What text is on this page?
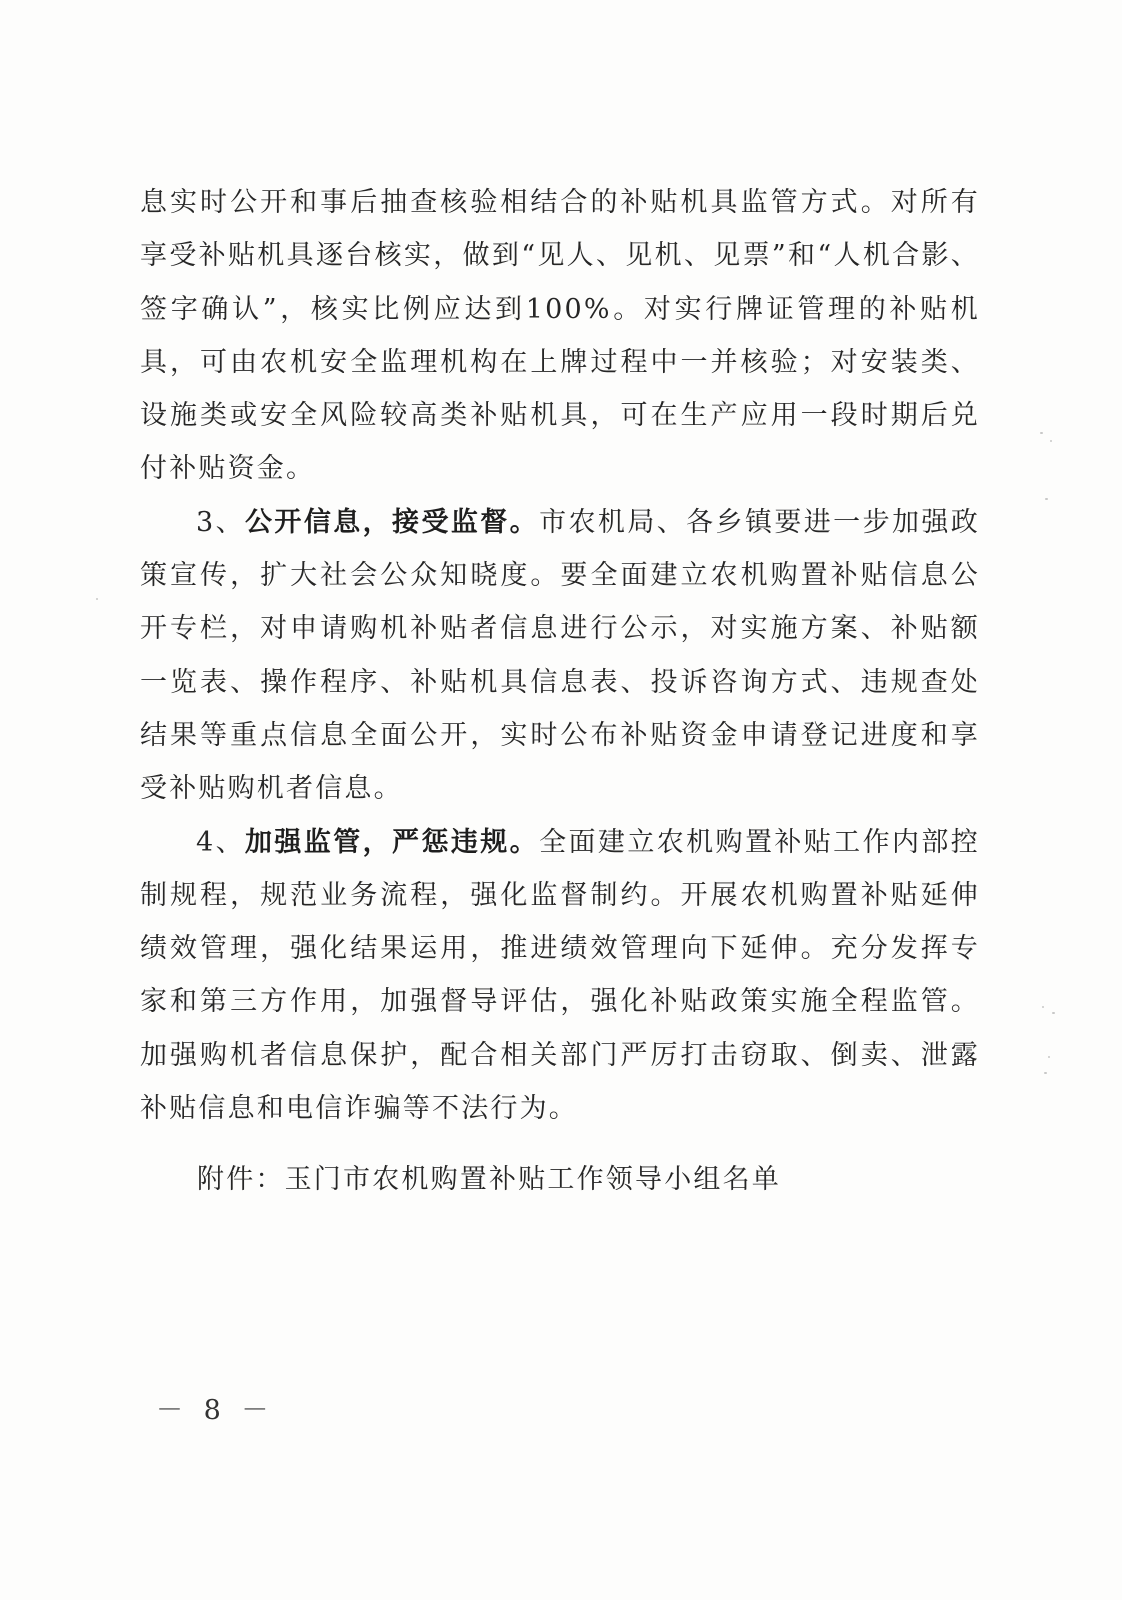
息实时公开和事后抽查核验相结合的补贴机具监管方式。对所有享受补贴机具逐台核实，做到“见人、见机、见票”和“人机合影、签字确认”，核实比例应达到100%。对实行牌证管理的补贴机具，可由农机安全监理机构在上牌过程中一并核验；对安装类、设施类或安全风险较高类补贴机具，可在生产应用一段时期后兑付补贴资金。

3、公开信息，接受监督。市农机局、各乡镇要进一步加强政策宣传，扩大社会公众知晓度。要全面建立农机购置补贴信息公开专栏，对申请购机补贴者信息进行公示，对实施方案、补贴额一览表、操作程序、补贴机具信息表、投诉咨询方式、违规查处结果等重点信息全面公开，实时公布补贴资金申请登记进度和享受补贴购机者信息。

4、加强监管，严惩违规。全面建立农机购置补贴工作内部控制规程，规范业务流程，强化监督制约。开展农机购置补贴延伸绩效管理，强化结果运用，推进绩效管理向下延伸。充分发挥专家和第三方作用，加强督导评估，强化补贴政策实施全程监管。加强购机者信息保护，配合相关部门严厉打击窃取、倒卖、泄露补贴信息和电信诈骗等不法行为。

附件：玉门市农机购置补贴工作领导小组名单
－ 8 －
